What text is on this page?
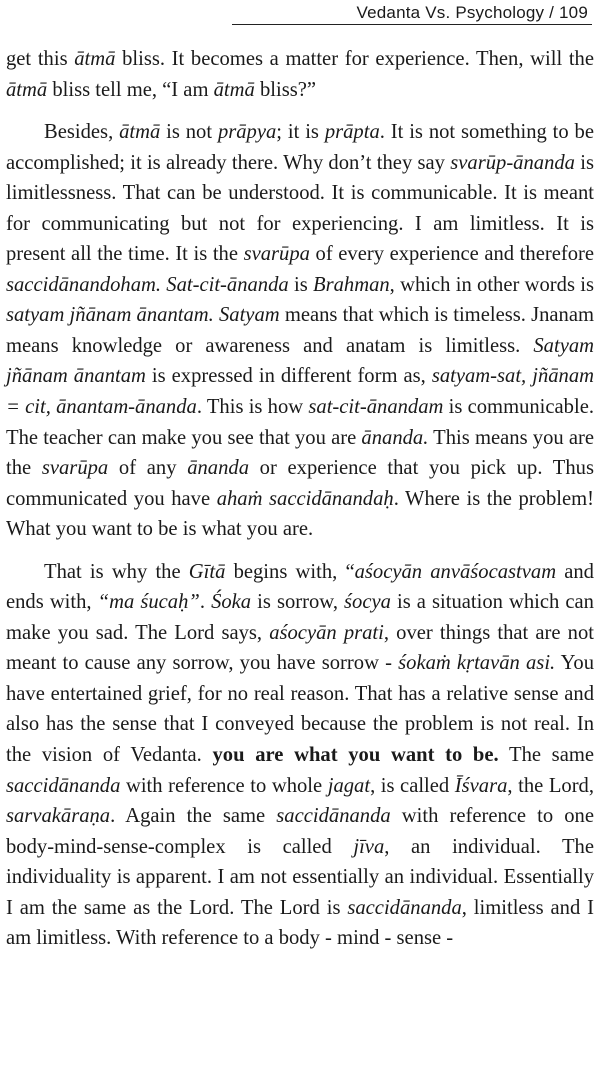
Vedanta Vs. Psychology / 109

get this ātmā bliss. It becomes a matter for experience. Then, will the ātmā bliss tell me, “I am ātmā bliss?”

Besides, ātmā is not prāpya; it is prāpta. It is not something to be accomplished; it is already there. Why don’t they say svarūp-ānanda is limitlessness. That can be understood. It is communicable. It is meant for communicating but not for experiencing. I am limitless. It is present all the time. It is the svarūpa of every experience and therefore saccidānandoham. Sat-cit-ānanda is Brahman, which in other words is satyam jñānam ānantam. Satyam means that which is timeless. Jnanam means knowledge or awareness and anatam is limitless. Satyam jñānam ānantam is expressed in different form as, satyam-sat, jñānam = cit, ānantam-ānanda. This is how sat-cit-ānandam is communicable. The teacher can make you see that you are ānanda. This means you are the svarūpa of any ānanda or experience that you pick up. Thus communicated you have ahaṁ saccidānandaḥ. Where is the problem! What you want to be is what you are.

That is why the Gītā begins with, “aśocyān anvāśocastvam and ends with, “ma śucaḥ”. Śoka is sorrow, śocya is a situation which can make you sad. The Lord says, aśocyān prati, over things that are not meant to cause any sorrow, you have sorrow - śokaṁ kṛtavān asi. You have entertained grief, for no real reason. That has a relative sense and also has the sense that I conveyed because the problem is not real. In the vision of Vedanta. you are what you want to be. The same saccidānanda with reference to whole jagat, is called Īśvara, the Lord, sarvakāraṇa. Again the same saccidānanda with reference to one body-mind-sense-complex is called jīva, an individual. The individuality is apparent. I am not essentially an individual. Essentially I am the same as the Lord. The Lord is saccidānanda, limitless and I am limitless. With reference to a body - mind - sense -
